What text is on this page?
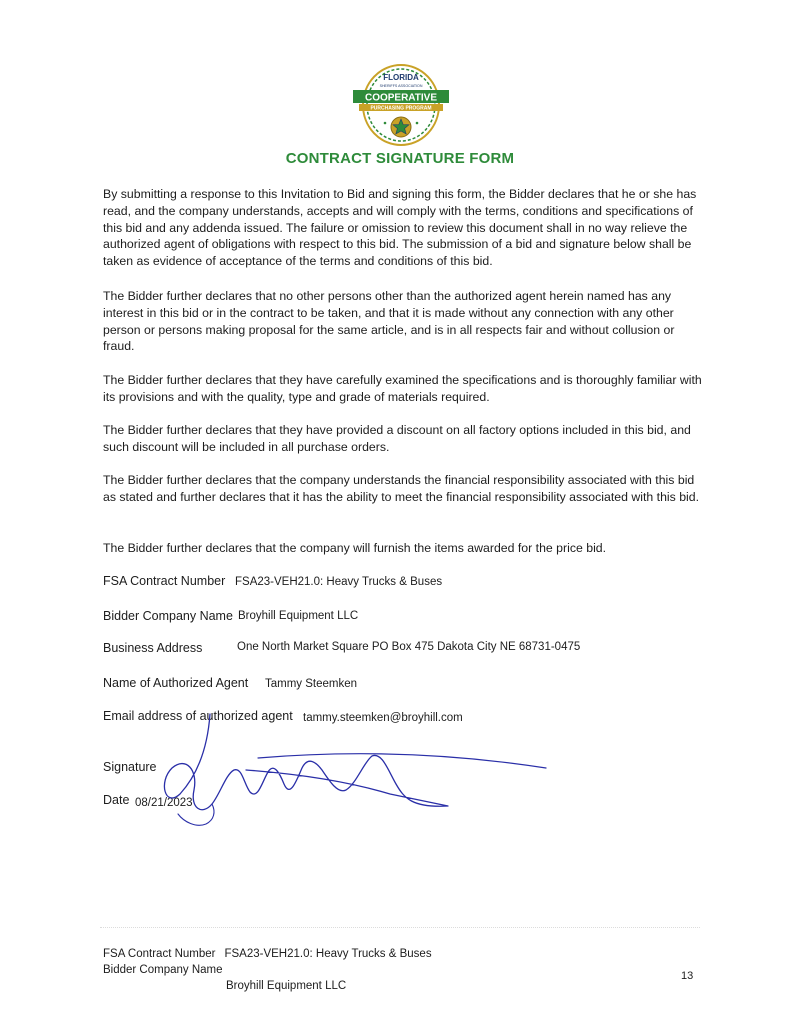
FLORIDA
SHERIFFS ASSOCIATION
COOPERATIVE
PURCHASING PROGRAM
CONTRACT SIGNATURE FORM
By submitting a response to this Invitation to Bid and signing this form, the Bidder declares that he or she has read, and the company understands, accepts and will comply with the terms, conditions and specifications of this bid and any addenda issued. The failure or omission to review this document shall in no way relieve the authorized agent of obligations with respect to this bid. The submission of a bid and signature below shall be taken as evidence of acceptance of the terms and conditions of this bid.
The Bidder further declares that no other persons other than the authorized agent herein named has any interest in this bid or in the contract to be taken, and that it is made without any connection with any other person or persons making proposal for the same article, and is in all respects fair and without collusion or fraud.
The Bidder further declares that they have carefully examined the specifications and is thoroughly familiar with its provisions and with the quality, type and grade of materials required.
The Bidder further declares that they have provided a discount on all factory options included in this bid, and such discount will be included in all purchase orders.
The Bidder further declares that the company understands the financial responsibility associated with this bid as stated and further declares that it has the ability to meet the financial responsibility associated with this bid.
The Bidder further declares that the company will furnish the items awarded for the price bid.
FSA Contract Number FSA23-VEH21.0: Heavy Trucks & Buses
Bidder Company Name Broyhill Equipment LLC
Business Address	One North Market Square PO Box 475 Dakota City NE 68731-0475
Name of Authorized Agent Tammy Steemken
Email address of authorized agent tammy.steemken@broyhill.com
Signature
Date 08/21/2023
FSA Contract Number FSA23-VEH21.0: Heavy Trucks & Buses
Bidder Company Name
Broyhill Equipment LLC
13
